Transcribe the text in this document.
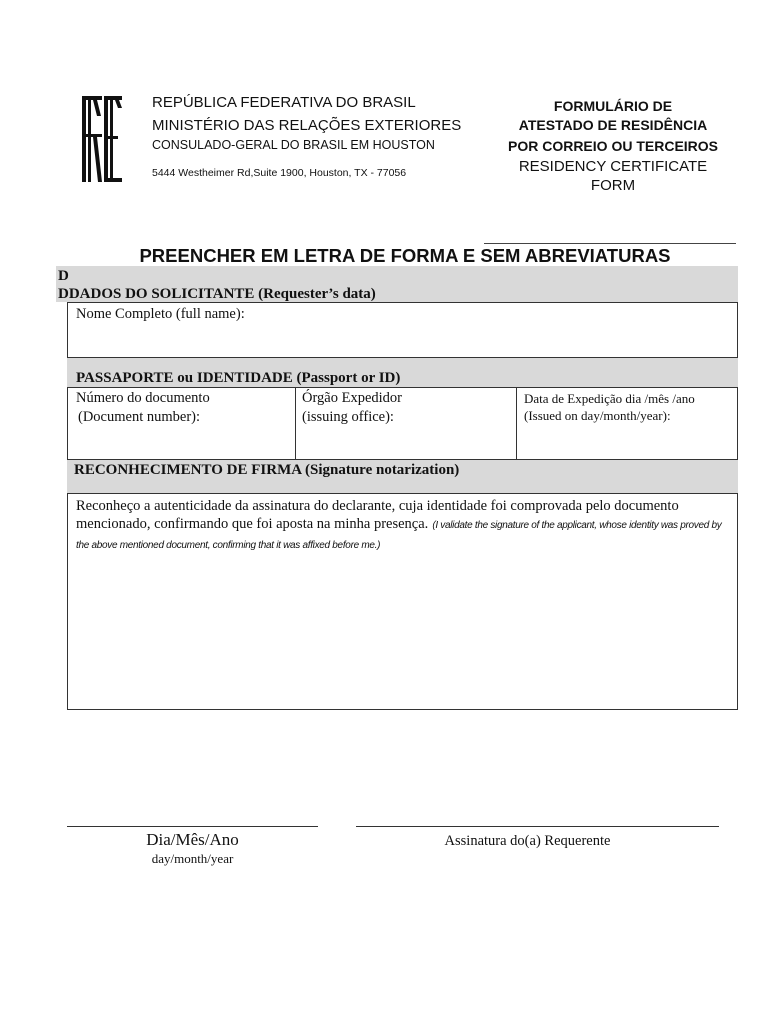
REPÚBLICA FEDERATIVA DO BRASIL
MINISTÉRIO DAS RELAÇÕES EXTERIORES
CONSULADO-GERAL DO BRASIL EM HOUSTON
5444 Westheimer Rd,Suite 1900, Houston, TX - 77056
FORMULÁRIO DE
ATESTADO DE RESIDÊNCIA
POR CORREIO OU TERCEIROS
RESIDENCY CERTIFICATE
FORM
PREENCHER EM LETRA DE FORMA E SEM ABREVIATURAS
D
DDADOS DO SOLICITANTE (Requester’s data)
Nome Completo (full name):
PASSAPORTE ou IDENTIDADE (Passport or ID)
Número do documento
(Document number):
Órgão Expedidor
(issuing office):
Data de Expedição dia /mês /ano
(Issued on day/month/year):
RECONHECIMENTO DE FIRMA (Signature notarization)
Reconheço a autenticidade da assinatura do declarante, cuja identidade foi comprovada pelo documento mencionado, confirmando que foi aposta na minha presença. (I validate the signature of the applicant, whose identity was proved by the above mentioned document, confirming that it was affixed before me.)
Dia/Mês/Ano
day/month/year
Assinatura do(a) Requerente
